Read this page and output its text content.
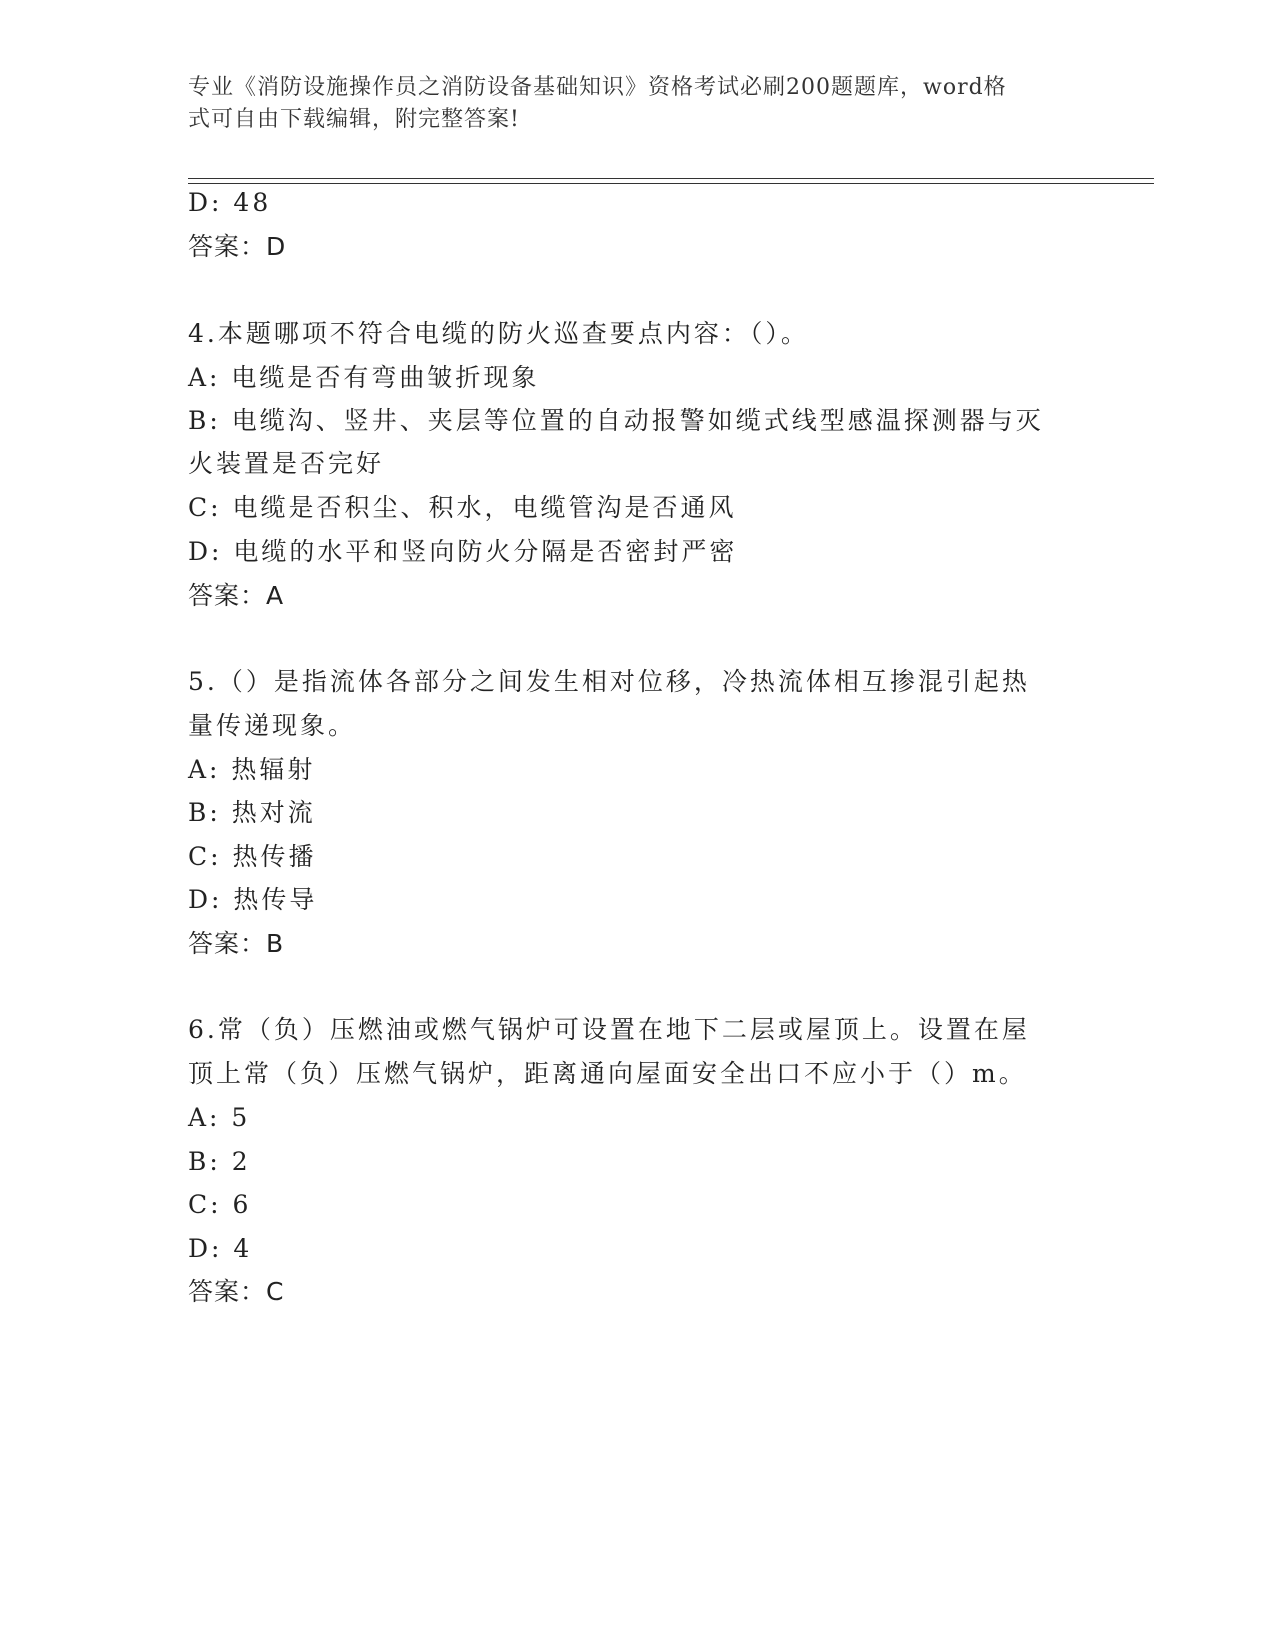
专业《消防设施操作员之消防设备基础知识》资格考试必刷200题题库，word格
式可自由下载编辑，附完整答案!
D: 48
答案：D
4.本题哪项不符合电缆的防火巡查要点内容：（）。
A: 电缆是否有弯曲皱折现象
B: 电缆沟、竖井、夹层等位置的自动报警如缆式线型感温探测器与灭
火装置是否完好
C: 电缆是否积尘、积水，电缆管沟是否通风
D: 电缆的水平和竖向防火分隔是否密封严密
答案：A
5.（）是指流体各部分之间发生相对位移，冷热流体相互掺混引起热
量传递现象。
A: 热辐射
B: 热对流
C: 热传播
D: 热传导
答案：B
6.常（负）压燃油或燃气锅炉可设置在地下二层或屋顶上。设置在屋
顶上常（负）压燃气锅炉，距离通向屋面安全出口不应小于（）m。
A: 5
B: 2
C: 6
D: 4
答案：C
